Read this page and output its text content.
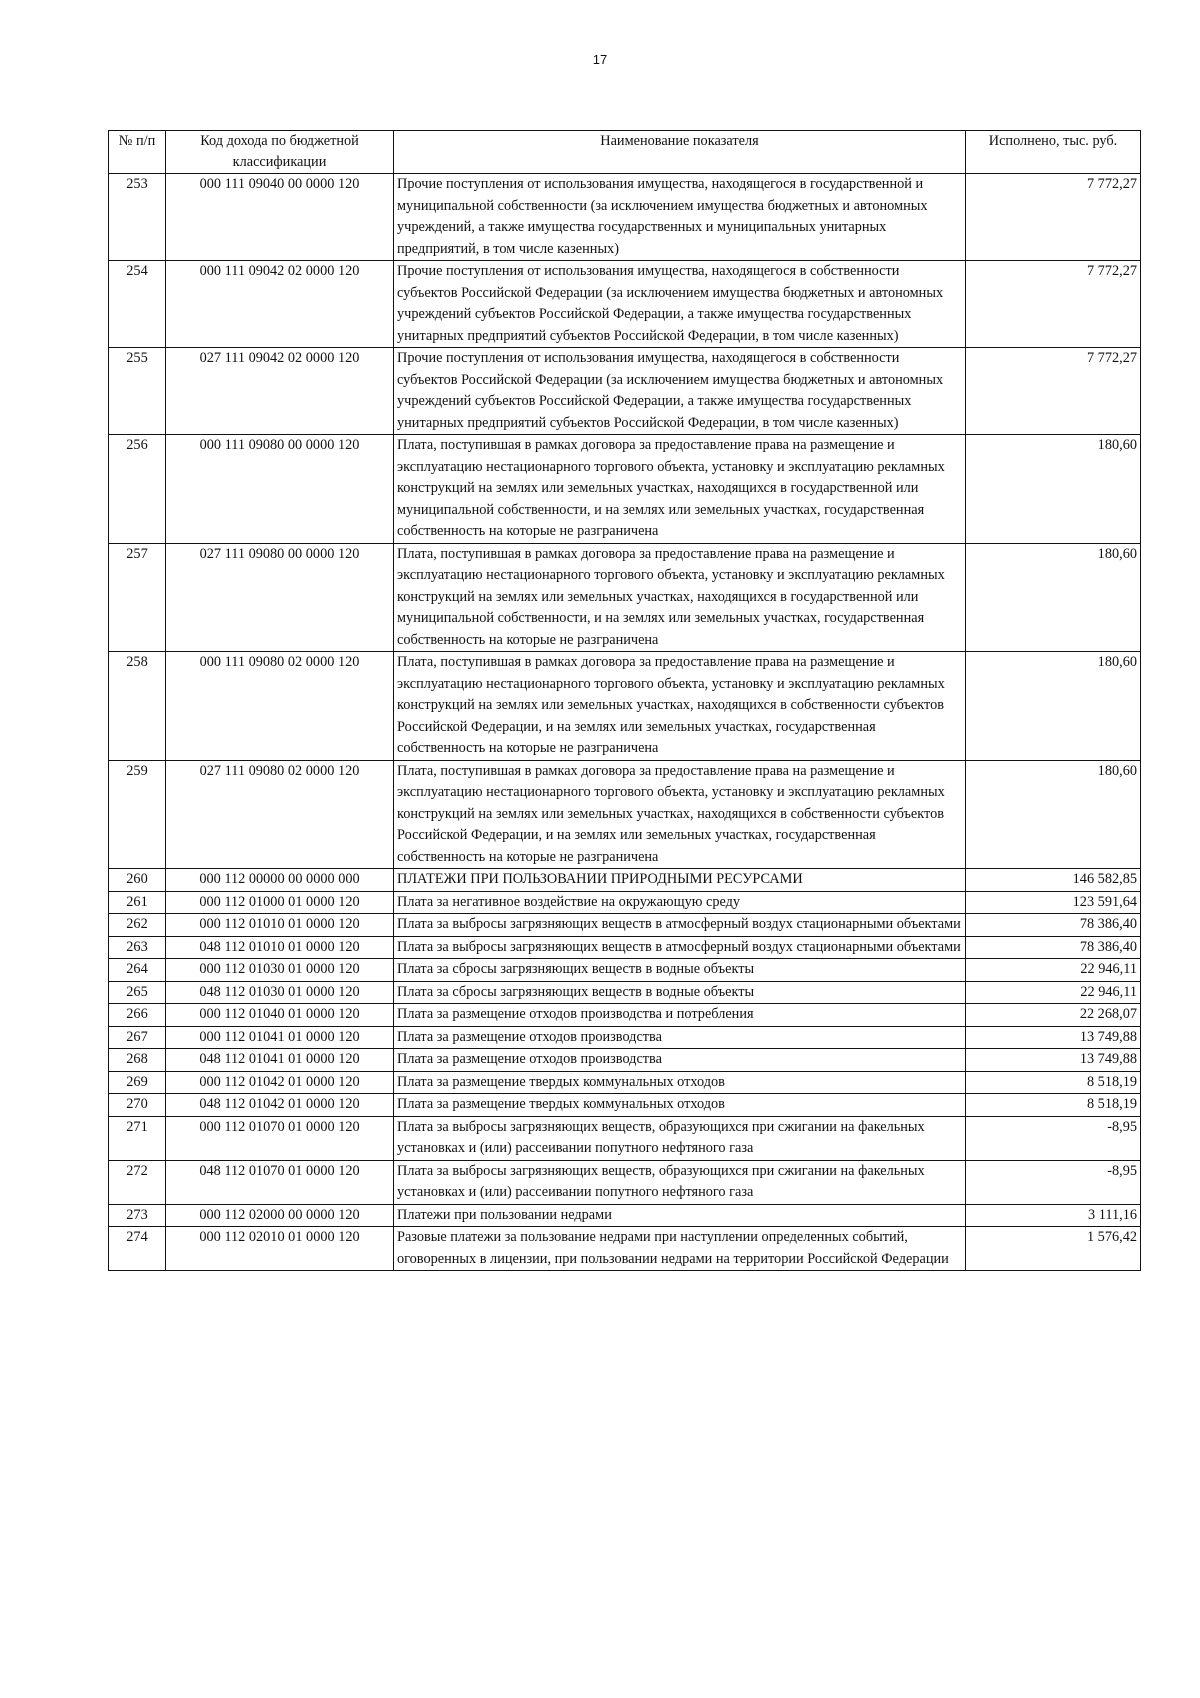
17
№ п/п	Код дохода по бюджетной классификации	Наименование показателя	Исполнено, тыс. руб.
253	000 111 09040 00 0000 120	Прочие поступления от использования имущества, находящегося в государственной и муниципальной собственности (за исключением имущества бюджетных и автономных учреждений, а также имущества государственных и муниципальных унитарных предприятий, в том числе казенных)	7 772,27
254	000 111 09042 02 0000 120	Прочие поступления от использования имущества, находящегося в собственности субъектов Российской Федерации (за исключением имущества бюджетных и автономных учреждений субъектов Российской Федерации, а также имущества государственных унитарных предприятий субъектов Российской Федерации, в том числе казенных)	7 772,27
255	027 111 09042 02 0000 120	Прочие поступления от использования имущества, находящегося в собственности субъектов Российской Федерации (за исключением имущества бюджетных и автономных учреждений субъектов Российской Федерации, а также имущества государственных унитарных предприятий субъектов Российской Федерации, в том числе казенных)	7 772,27
256	000 111 09080 00 0000 120	Плата, поступившая в рамках договора за предоставление права на размещение и эксплуатацию нестационарного торгового объекта, установку и эксплуатацию рекламных конструкций на землях или земельных участках, находящихся в государственной или муниципальной собственности, и на землях или земельных участках, государственная собственность на которые не разграничена	180,60
257	027 111 09080 00 0000 120	Плата, поступившая в рамках договора за предоставление права на размещение и эксплуатацию нестационарного торгового объекта, установку и эксплуатацию рекламных конструкций на землях или земельных участках, находящихся в государственной или муниципальной собственности, и на землях или земельных участках, государственная собственность на которые не разграничена	180,60
258	000 111 09080 02 0000 120	Плата, поступившая в рамках договора за предоставление права на размещение и эксплуатацию нестационарного торгового объекта, установку и эксплуатацию рекламных конструкций на землях или земельных участках, находящихся в собственности субъектов Российской Федерации, и на землях или земельных участках, государственная собственность на которые не разграничена	180,60
259	027 111 09080 02 0000 120	Плата, поступившая в рамках договора за предоставление права на размещение и эксплуатацию нестационарного торгового объекта, установку и эксплуатацию рекламных конструкций на землях или земельных участках, находящихся в собственности субъектов Российской Федерации, и на землях или земельных участках, государственная собственность на которые не разграничена	180,60
260	000 112 00000 00 0000 000	ПЛАТЕЖИ ПРИ ПОЛЬЗОВАНИИ ПРИРОДНЫМИ РЕСУРСАМИ	146 582,85
261	000 112 01000 01 0000 120	Плата за негативное воздействие на окружающую среду	123 591,64
262	000 112 01010 01 0000 120	Плата за выбросы загрязняющих веществ в атмосферный воздух стационарными объектами	78 386,40
263	048 112 01010 01 0000 120	Плата за выбросы загрязняющих веществ в атмосферный воздух стационарными объектами	78 386,40
264	000 112 01030 01 0000 120	Плата за сбросы загрязняющих веществ в водные объекты	22 946,11
265	048 112 01030 01 0000 120	Плата за сбросы загрязняющих веществ в водные объекты	22 946,11
266	000 112 01040 01 0000 120	Плата за размещение отходов производства и потребления	22 268,07
267	000 112 01041 01 0000 120	Плата за размещение отходов производства	13 749,88
268	048 112 01041 01 0000 120	Плата за размещение отходов производства	13 749,88
269	000 112 01042 01 0000 120	Плата за размещение твердых коммунальных отходов	8 518,19
270	048 112 01042 01 0000 120	Плата за размещение твердых коммунальных отходов	8 518,19
271	000 112 01070 01 0000 120	Плата за выбросы загрязняющих веществ, образующихся при сжигании на факельных установках и (или) рассеивании попутного нефтяного газа	-8,95
272	048 112 01070 01 0000 120	Плата за выбросы загрязняющих веществ, образующихся при сжигании на факельных установках и (или) рассеивании попутного нефтяного газа	-8,95
273	000 112 02000 00 0000 120	Платежи при пользовании недрами	3 111,16
274	000 112 02010 01 0000 120	Разовые платежи за пользование недрами при наступлении определенных событий, оговоренных в лицензии, при пользовании недрами на территории Российской Федерации	1 576,42
